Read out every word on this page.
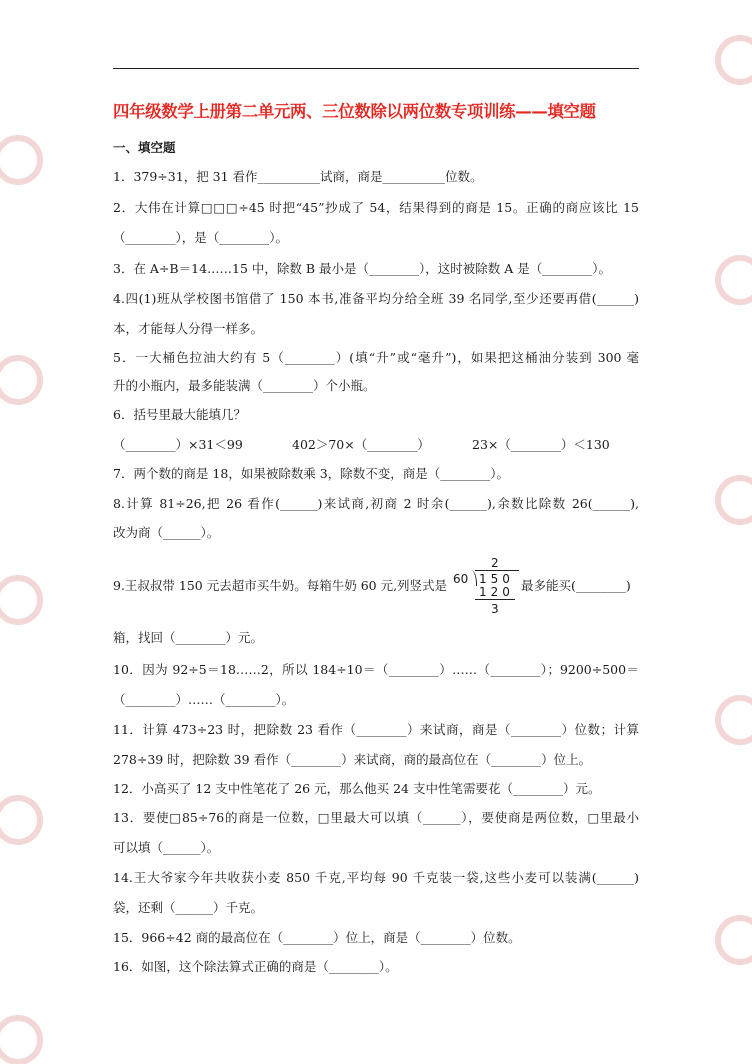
四年级数学上册第二单元两、三位数除以两位数专项训练——填空题
一、填空题
1．379÷31，把 31 看作__________试商，商是__________位数。
2．大伟在计算□□□÷45 时把“45”抄成了 54，结果得到的商是 15。正确的商应该比 15
（________），是（________）。
3．在 A÷B＝14……15 中，除数 B 最小是（________），这时被除数 A 是（________）。
4.四(1)班从学校图书馆借了 150 本书,准备平均分给全班 39 名同学,至少还要再借(______)
本，才能每人分得一样多。
5．一大桶色拉油大约有 5（________）(填“升”或“毫升”)，如果把这桶油分装到 300 毫
升的小瓶内，最多能装满（________）个小瓶。
6．括号里最大能填几？
（________）×31＜99	402＞70×（________）	23×（________）＜130
7．两个数的商是 18，如果被除数乘 3，除数不变，商是（________）。
8.计算 81÷26,把 26 看作(______)来试商,初商 2 时余(______),余数比除数 26(______),
改为商（______）。
9.王叔叔带 150 元去超市买牛奶。每箱牛奶 60 元,列竖式是	最多能买(________)
2
60 150
120
3
箱，找回（________）元。
10．因为 92÷5＝18……2，所以 184÷10＝（________）……（________）；9200÷500＝
（________）……（________）。
11．计算 473÷23 时，把除数 23 看作（________）来试商，商是（________）位数；计算
278÷39 时，把除数 39 看作（________）来试商，商的最高位在（________）位上。
12．小高买了 12 支中性笔花了 26 元，那么他买 24 支中性笔需要花（________）元。
13．要使□85÷76的商是一位数，□里最大可以填（______），要使商是两位数，□里最小
可以填（______）。
14.王大爷家今年共收获小麦 850 千克,平均每 90 千克装一袋,这些小麦可以装满(______)
袋，还剩（______）千克。
15．966÷42 商的最高位在（________）位上，商是（________）位数。
16．如图，这个除法算式正确的商是（________）。
